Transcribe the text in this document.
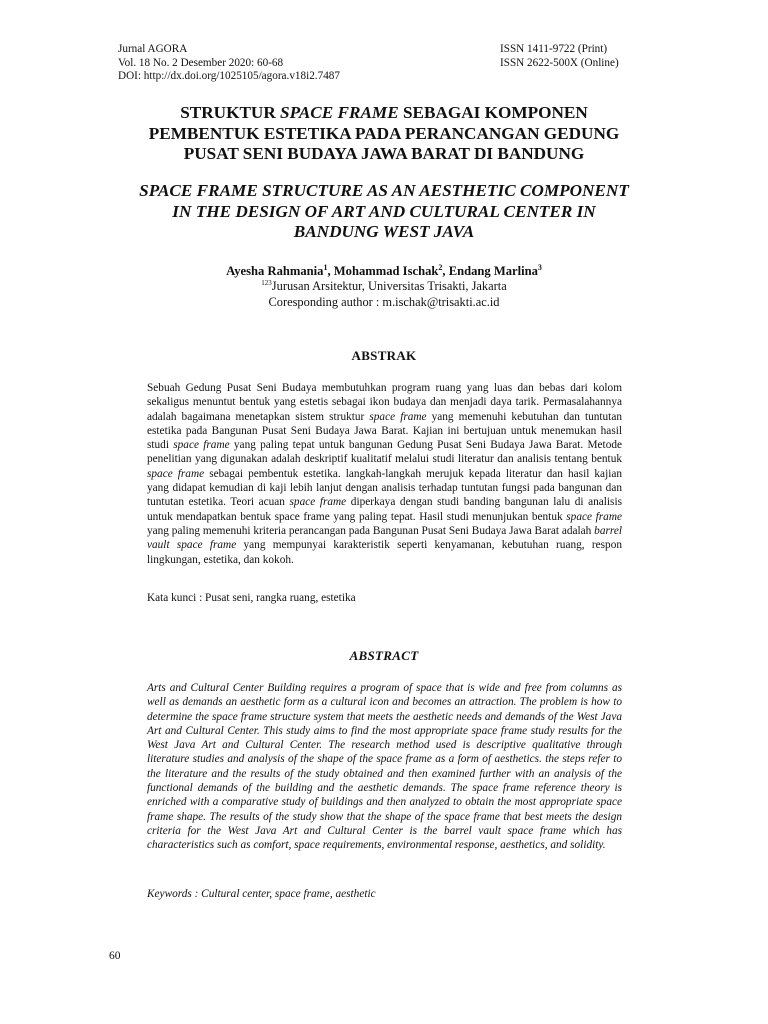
Jurnal AGORA
Vol. 18 No. 2 Desember 2020: 60-68
DOI: http://dx.doi.org/1025105/agora.v18i2.7487
ISSN 1411-9722 (Print)
ISSN 2622-500X (Online)
STRUKTUR SPACE FRAME SEBAGAI KOMPONEN
PEMBENTUK ESTETIKA PADA PERANCANGAN GEDUNG
PUSAT SENI BUDAYA JAWA BARAT DI BANDUNG
SPACE FRAME STRUCTURE AS AN AESTHETIC COMPONENT
IN THE DESIGN OF ART AND CULTURAL CENTER IN
BANDUNG WEST JAVA
Ayesha Rahmania$^1$, Mohammad Ischak$^2$, Endang Marlina$^3$
$^{123}$Jurusan Arsitektur, Universitas Trisakti, Jakarta
Coresponding author : m.ischak@trisakti.ac.id
ABSTRAK
Sebuah Gedung Pusat Seni Budaya membutuhkan program ruang yang luas dan bebas dari kolom sekaligus menuntut bentuk yang estetis sebagai ikon budaya dan menjadi daya tarik. Permasalahannya adalah bagaimana menetapkan sistem struktur space frame yang memenuhi kebutuhan dan tuntutan estetika pada Bangunan Pusat Seni Budaya Jawa Barat. Kajian ini bertujuan untuk menemukan hasil studi space frame yang paling tepat untuk bangunan Gedung Pusat Seni Budaya Jawa Barat. Metode penelitian yang digunakan adalah deskriptif kualitatif melalui studi literatur dan analisis tentang bentuk space frame sebagai pembentuk estetika. langkah-langkah merujuk kepada literatur dan hasil kajian yang didapat kemudian di kaji lebih lanjut dengan analisis terhadap tuntutan fungsi pada bangunan dan tuntutan estetika. Teori acuan space frame diperkaya dengan studi banding bangunan lalu di analisis untuk mendapatkan bentuk space frame yang paling tepat. Hasil studi menunjukan bentuk space frame yang paling memenuhi kriteria perancangan pada Bangunan Pusat Seni Budaya Jawa Barat adalah barrel vault space frame yang mempunyai karakteristik seperti kenyamanan, kebutuhan ruang, respon lingkungan, estetika, dan kokoh.
Kata kunci : Pusat seni, rangka ruang, estetika
ABSTRACT
Arts and Cultural Center Building requires a program of space that is wide and free from columns as well as demands an aesthetic form as a cultural icon and becomes an attraction. The problem is how to determine the space frame structure system that meets the aesthetic needs and demands of the West Java Art and Cultural Center. This study aims to find the most appropriate space frame study results for the West Java Art and Cultural Center. The research method used is descriptive qualitative through literature studies and analysis of the shape of the space frame as a form of aesthetics. the steps refer to the literature and the results of the study obtained and then examined further with an analysis of the functional demands of the building and the aesthetic demands. The space frame reference theory is enriched with a comparative study of buildings and then analyzed to obtain the most appropriate space frame shape. The results of the study show that the shape of the space frame that best meets the design criteria for the West Java Art and Cultural Center is the barrel vault space frame which has characteristics such as comfort, space requirements, environmental response, aesthetics, and solidity.
Keywords : Cultural center, space frame, aesthetic
60
